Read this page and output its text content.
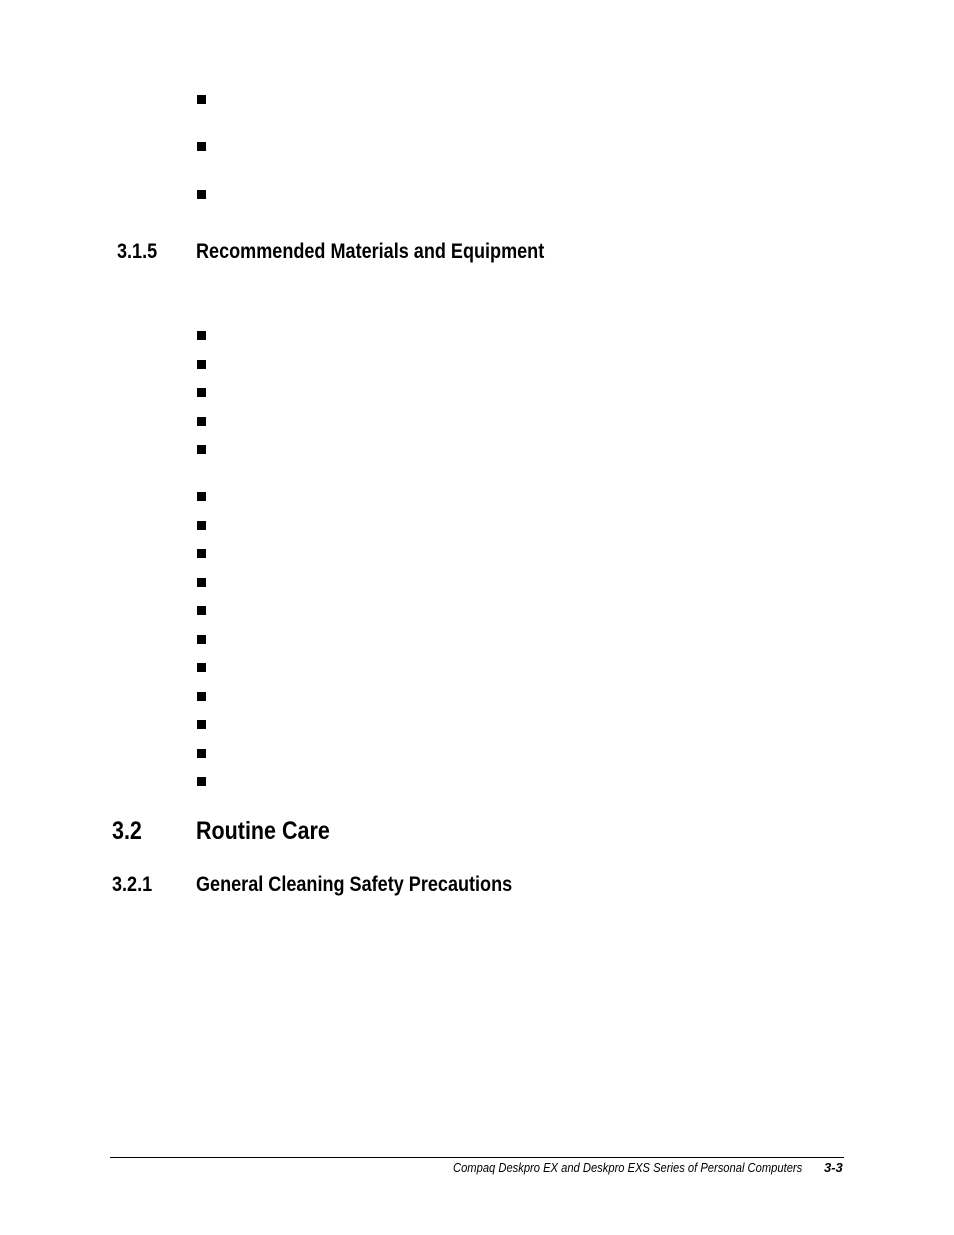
3.1.5 Recommended Materials and Equipment
3.2 Routine Care
3.2.1 General Cleaning Safety Precautions
Compaq Deskpro EX and Deskpro EXS Series of Personal Computers 3-3
